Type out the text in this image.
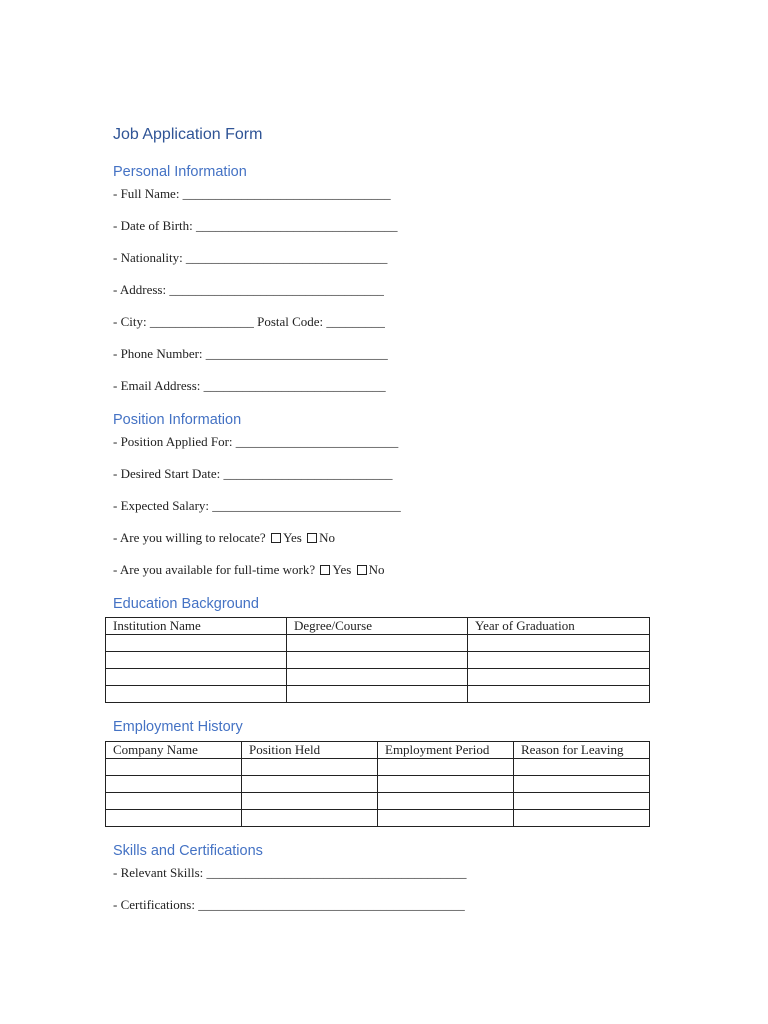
Job Application Form
Personal Information
- Full Name: ________________________________
- Date of Birth: _______________________________
- Nationality: _______________________________
- Address: _________________________________
- City: ________________ Postal Code: _________
- Phone Number: ____________________________
- Email Address: ____________________________
Position Information
- Position Applied For: _________________________
- Desired Start Date: __________________________
- Expected Salary: _____________________________
- Are you willing to relocate? Yes No
- Are you available for full-time work? Yes No
Education Background
Institution Name	Degree/Course	Year of Graduation

Employment History
Company Name	Position Held	Employment Period	Reason for Leaving

Skills and Certifications
- Relevant Skills: ________________________________________
- Certifications: _________________________________________
